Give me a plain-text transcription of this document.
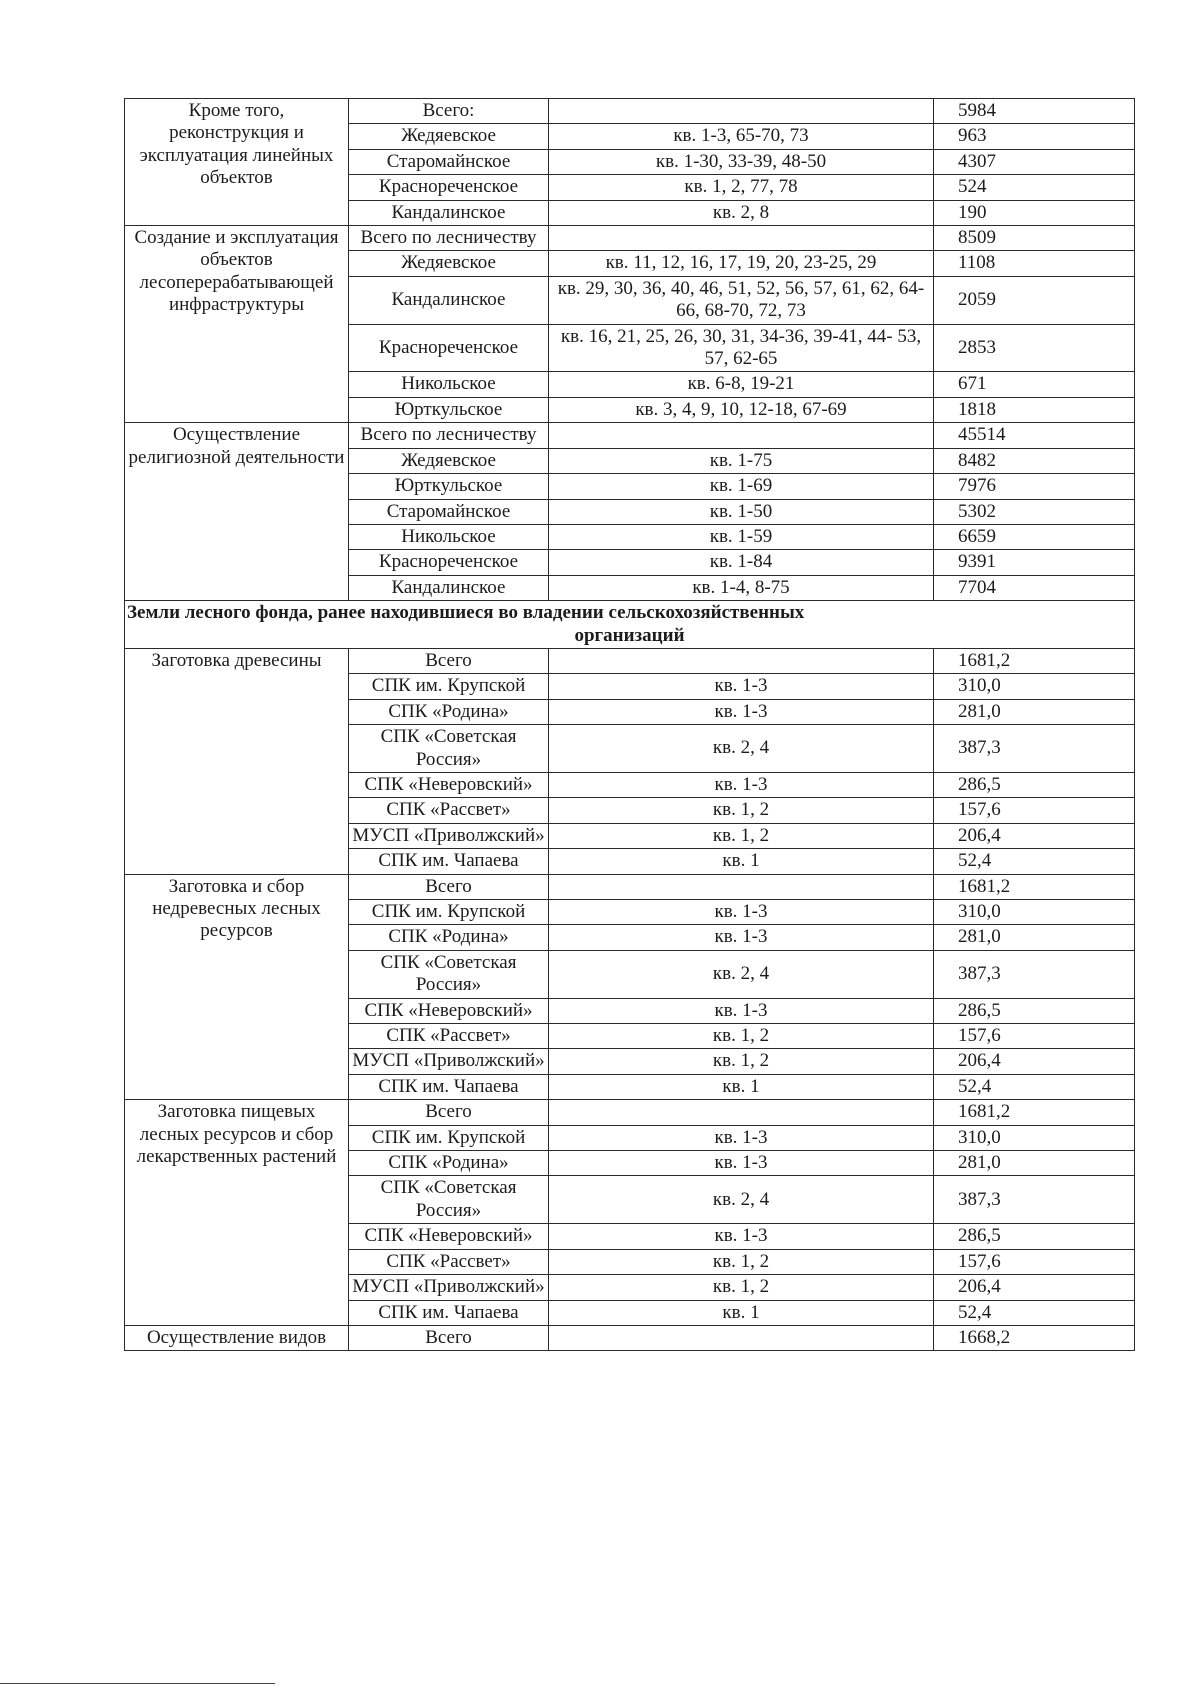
Кроме того, реконструкция и эксплуатация линейных объектов	Всего:		5984
	Жедяевское	кв. 1-3, 65-70, 73	963
	Старомайнское	кв. 1-30, 33-39, 48-50	4307
	Краснореченское	кв. 1, 2, 77, 78	524
	Кандалинское	кв. 2, 8	190
Создание и эксплуатация объектов лесоперерабатывающей инфраструктуры	Всего по лесничеству		8509
	Жедяевское	кв. 11, 12, 16, 17, 19, 20, 23-25, 29	1108
	Кандалинское	кв. 29, 30, 36, 40, 46, 51, 52, 56, 57, 61, 62, 64-66, 68-70, 72, 73	2059
	Краснореченское	кв. 16, 21, 25, 26, 30, 31, 34-36, 39-41, 44- 53, 57, 62-65	2853
	Никольское	кв. 6-8, 19-21	671
	Юрткульское	кв. 3, 4, 9, 10, 12-18, 67-69	1818
Осуществление религиозной деятельности	Всего по лесничеству		45514
	Жедяевское	кв. 1-75	8482
	Юрткульское	кв. 1-69	7976
	Старомайнское	кв. 1-50	5302
	Никольское	кв. 1-59	6659
	Краснореченское	кв. 1-84	9391
	Кандалинское	кв. 1-4, 8-75	7704

Земли лесного фонда, ранее находившиеся во владении сельскохозяйственных
организаций			

Заготовка древесины	Всего		1681,2
	СПК им. Крупской	кв. 1-3	310,0
	СПК «Родина»	кв. 1-3	281,0
	СПК «Советская Россия»	кв. 2, 4	387,3
	СПК «Неверовский»	кв. 1-3	286,5
	СПК «Рассвет»	кв. 1, 2	157,6
	МУСП «Приволжский»	кв. 1, 2	206,4
	СПК им. Чапаева	кв. 1	52,4
Заготовка и сбор недревесных лесных ресурсов	Всего		1681,2
	СПК им. Крупской	кв. 1-3	310,0
	СПК «Родина»	кв. 1-3	281,0
	СПК «Советская Россия»	кв. 2, 4	387,3
	СПК «Неверовский»	кв. 1-3	286,5
	СПК «Рассвет»	кв. 1, 2	157,6
	МУСП «Приволжский»	кв. 1, 2	206,4
	СПК им. Чапаева	кв. 1	52,4
Заготовка пищевых лесных ресурсов и сбор лекарственных растений	Всего		1681,2
	СПК им. Крупской	кв. 1-3	310,0
	СПК «Родина»	кв. 1-3	281,0
	СПК «Советская Россия»	кв. 2, 4	387,3
	СПК «Неверовский»	кв. 1-3	286,5
	СПК «Рассвет»	кв. 1, 2	157,6
	МУСП «Приволжский»	кв. 1, 2	206,4
	СПК им. Чапаева	кв. 1	52,4
Осуществление видов	Всего		1668,2
